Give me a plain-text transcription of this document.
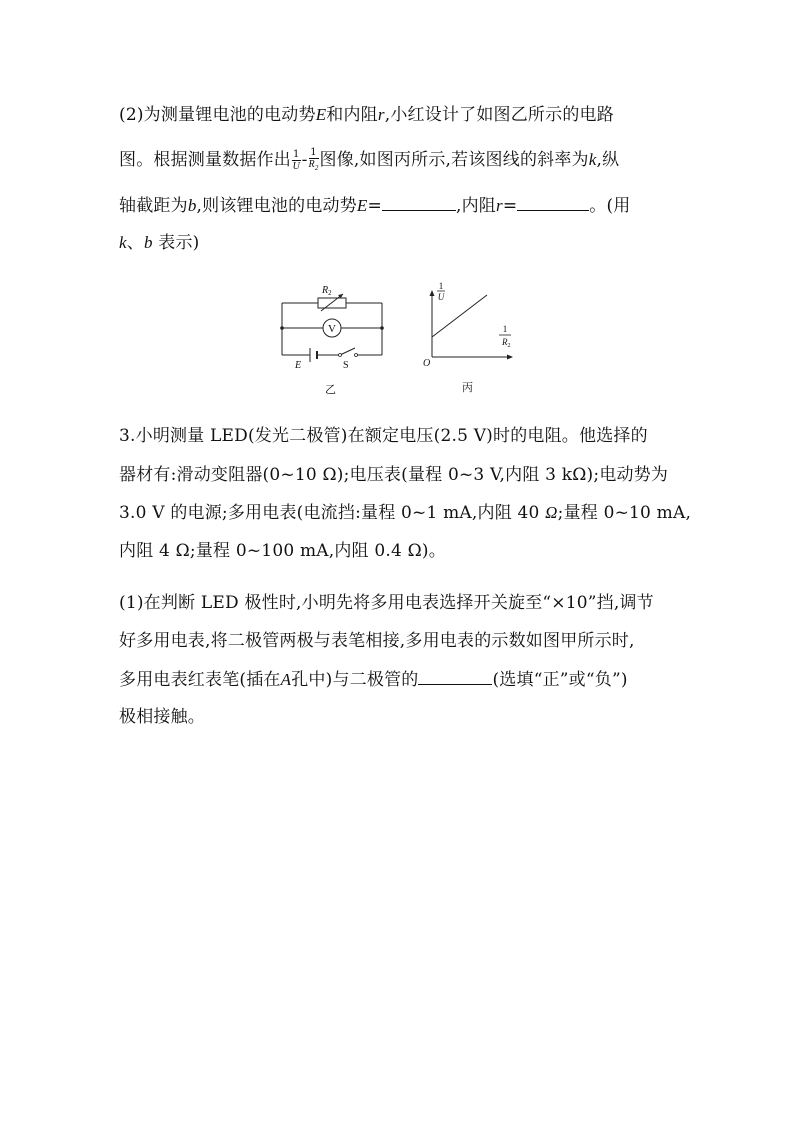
(2)为测量锂电池的电动势E和内阻r,小红设计了如图乙所示的电路
图。根据测量数据作出 $\frac{1}{U} - \frac{1}{R_2}$ 图像,如图丙所示,若该图线的斜率为k,纵
轴截距为b,则该锂电池的电动势E=	,内阻r=	。(用
k、b 表示)
V
$R_2$
E	S
乙
1
U
1
$R_2$
O
丙
3.小明测量 LED(发光二极管)在额定电压(2.5 V)时的电阻。他选择的
器材有:滑动变阻器(0~10 Ω);电压表(量程 0~3 V,内阻 3 kΩ);电动势为
3.0 V 的电源;多用电表(电流挡:量程 0~1 mA,内阻 40 Ω;量程 0~10 mA,
内阻 4 Ω;量程 0~100 mA,内阻 0.4 Ω)。
(1)在判断 LED 极性时,小明先将多用电表选择开关旋至“×10”挡,调节
好多用电表,将二极管两极与表笔相接,多用电表的示数如图甲所示时,
多用电表红表笔(插在A孔中)与二极管的	(选填“正”或“负”)
极相接触。
